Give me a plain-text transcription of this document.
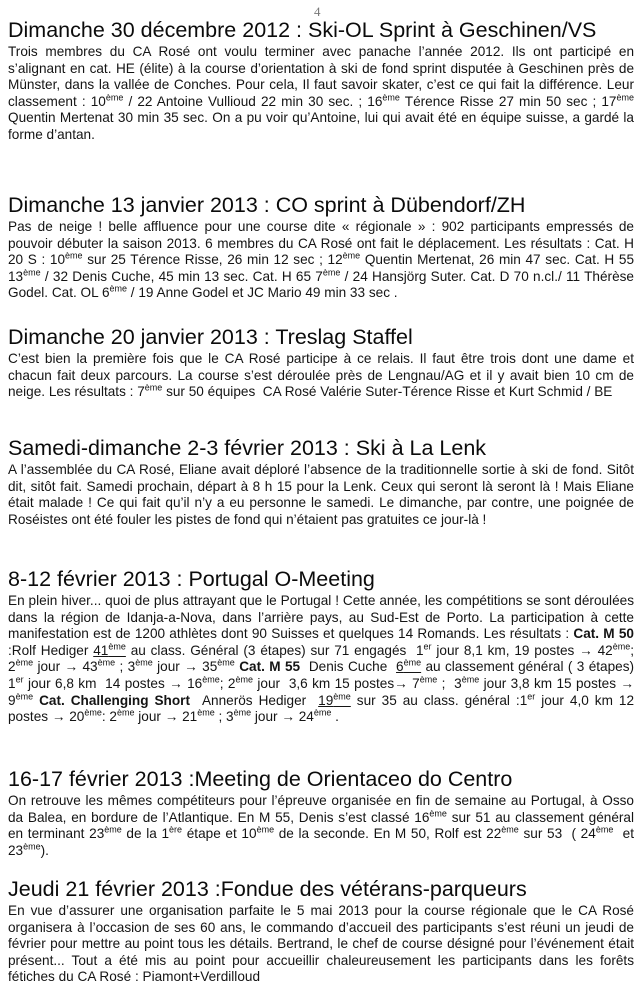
4
Dimanche 30 décembre 2012 : Ski-OL Sprint à Geschinen/VS

Trois membres du CA Rosé ont voulu terminer avec panache l’année 2012. Ils ont participé en s’alignant en cat. HE (élite) à la course d’orientation à ski de fond sprint disputée à Geschinen près de Münster, dans la vallée de Conches. Pour cela, Il faut savoir skater, c’est ce qui fait la différence. Leur classement : 10ème / 22 Antoine Vullioud 22 min 30 sec. ; 16ème Térence Risse 27 min 50 sec ; 17ème Quentin Mertenat 30 min 35 sec. On a pu voir qu’Antoine, lui qui avait été en équipe suisse, a gardé la forme d’antan.

Dimanche 13 janvier 2013 : CO sprint à Dübendorf/ZH

Pas de neige ! belle affluence pour une course dite « régionale » : 902 participants empressés de pouvoir débuter la saison 2013. 6 membres du CA Rosé ont fait le déplacement. Les résultats : Cat. H 20 S : 10ème sur 25 Térence Risse, 26 min 12 sec ; 12ème Quentin Mertenat, 26 min 47 sec. Cat. H 55 13ème / 32 Denis Cuche, 45 min 13 sec. Cat. H 65 7ème / 24 Hansjörg Suter. Cat. D 70 n.cl./ 11 Thérèse Godel. Cat. OL 6ème / 19 Anne Godel et JC Mario 49 min 33 sec .

Dimanche 20 janvier 2013 : Treslag Staffel

C’est bien la première fois que le CA Rosé participe à ce relais. Il faut être trois dont une dame et chacun fait deux parcours. La course s’est déroulée près de Lengnau/AG et il y avait bien 10 cm de neige. Les résultats : 7ème sur 50 équipes  CA Rosé Valérie Suter-Térence Risse et Kurt Schmid / BE

Samedi-dimanche 2-3 février 2013 : Ski à La Lenk

A l’assemblée du CA Rosé, Eliane avait déploré l’absence de la traditionnelle sortie à ski de fond. Sitôt dit, sitôt fait. Samedi prochain, départ à 8 h 15 pour la Lenk. Ceux qui seront là seront là ! Mais Eliane était malade ! Ce qui fait qu’il n’y a eu personne le samedi. Le dimanche, par contre, une poignée de Roséistes ont été fouler les pistes de fond qui n’étaient pas gratuites ce jour-là !

8-12 février 2013 : Portugal O-Meeting

En plein hiver... quoi de plus attrayant que le Portugal ! Cette année, les compétitions se sont déroulées dans la région de Idanja-a-Nova, dans l’arrière pays, au Sud-Est de Porto. La participation à cette manifestation est de 1200 athlètes dont 90 Suisses et quelques 14 Romands. Les résultats : Cat. M 50 :Rolf Hediger 41ème au class. Général (3 étapes) sur 71 engagés  1er jour 8,1 km, 19 postes → 42ème; 2ème jour → 43ème ; 3ème jour → 35ème Cat. M 55  Denis Cuche  6ème au classement général ( 3 étapes) 1er jour 6,8 km  14 postes → 16ème; 2ème jour  3,6 km 15 postes→ 7ème ;  3ème jour 3,8 km 15 postes → 9ème Cat. Challenging Short  Annerös Hediger  19ème sur 35 au class. général :1er jour 4,0 km 12 postes → 20ème: 2ème jour → 21ème ; 3ème jour → 24ème .

16-17 février 2013 :Meeting de Orientaceo do Centro

On retrouve les mêmes compétiteurs pour l’épreuve organisée en fin de semaine au Portugal, à Osso da Balea, en bordure de l’Atlantique. En M 55, Denis s’est classé 16ème sur 51 au classement général en terminant 23ème de la 1ère étape et 10ème de la seconde. En M 50, Rolf est 22ème sur 53  ( 24ème  et 23ème).

Jeudi 21 février 2013 :Fondue des vétérans-parqueurs

En vue d’assurer une organisation parfaite le 5 mai 2013 pour la course régionale que le CA Rosé organisera à l’occasion de ses 60 ans, le commando d’accueil des participants s’est réuni un jeudi de février pour mettre au point tous les détails. Bertrand, le chef de course désigné pour l’événement était présent... Tout a été mis au point pour accueillir chaleureusement les participants dans les forêts fétiches du CA Rosé : Piamont+Verdilloud
